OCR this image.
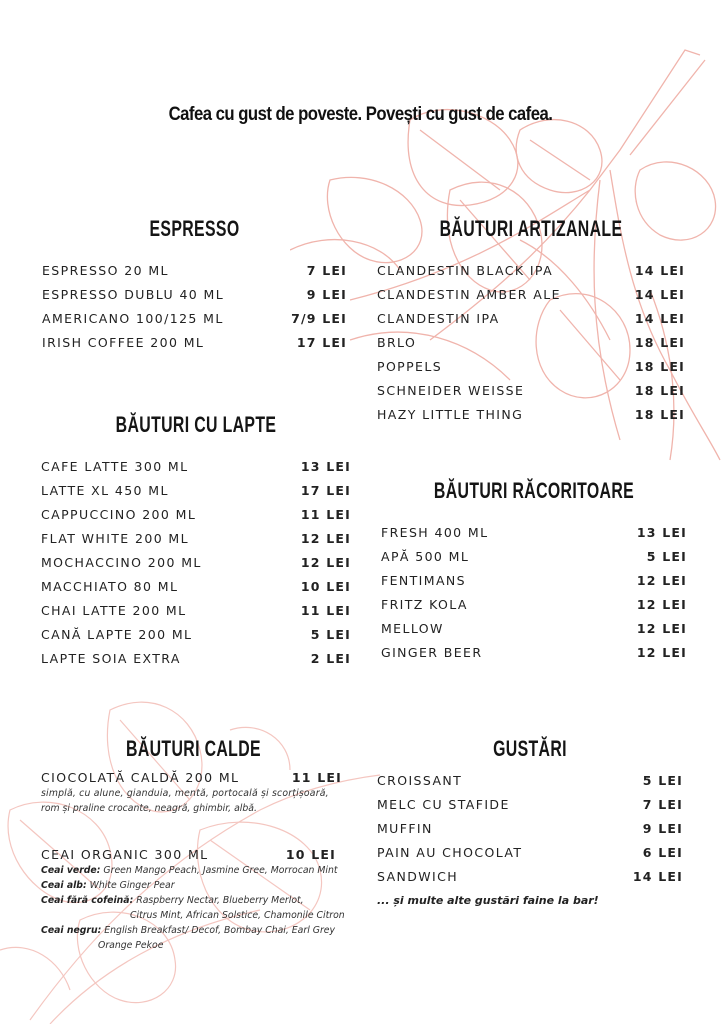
Cafea cu gust de poveste. Povești cu gust de cafea.
ESPRESSO
ESPRESSO 20 ML	7 LEI
ESPRESSO DUBLU 40 ML	9 LEI
AMERICANO 100/125 ML	7/9 LEI
IRISH COFFEE 200 ML	17 LEI
BĂUTURI ARTIZANALE
CLANDESTIN BLACK IPA	14 LEI
CLANDESTIN AMBER ALE	14 LEI
CLANDESTIN IPA	14 LEI
BRLO	18 LEI
POPPELS	18 LEI
SCHNEIDER WEISSE	18 LEI
HAZY LITTLE THING	18 LEI
BĂUTURI CU LAPTE
CAFE LATTE 300 ML	13 LEI
LATTE XL 450 ML	17 LEI
CAPPUCCINO 200 ML	11 LEI
FLAT WHITE 200 ML	12 LEI
MOCHACCINO 200 ML	12 LEI
MACCHIATO 80 ML	10 LEI
CHAI LATTE 200 ML	11 LEI
CANĂ LAPTE 200 ML	5 LEI
LAPTE SOIA EXTRA	2 LEI
BĂUTURI RĂCORITOARE
FRESH 400 ML	13 LEI
APĂ 500 ML	5 LEI
FENTIMANS	12 LEI
FRITZ KOLA	12 LEI
MELLOW	12 LEI
GINGER BEER	12 LEI
BĂUTURI CALDE
CIOCOLATĂ CALDĂ 200 ML	11 LEI
simplă, cu alune, gianduia, mentă, portocală și scorțișoară,
rom și praline crocante, neagră, ghimbir, albă.
CEAI ORGANIC 300 ML	10 LEI
Ceai verde: Green Mango Peach, Jasmine Gree, Morrocan Mint
Ceai alb: White Ginger Pear
Ceai fără cofeină: Raspberry Nectar, Blueberry Merlot,
Citrus Mint, African Solstice, Chamonile Citron
Ceai negru: English Breakfast/ Decof, Bombay Chai, Earl Grey
Orange Pekoe
GUSTĂRI
CROISSANT	5 LEI
MELC CU STAFIDE	7 LEI
MUFFIN	9 LEI
PAIN AU CHOCOLAT	6 LEI
SANDWICH	14 LEI
... și multe alte gustări faine la bar!
